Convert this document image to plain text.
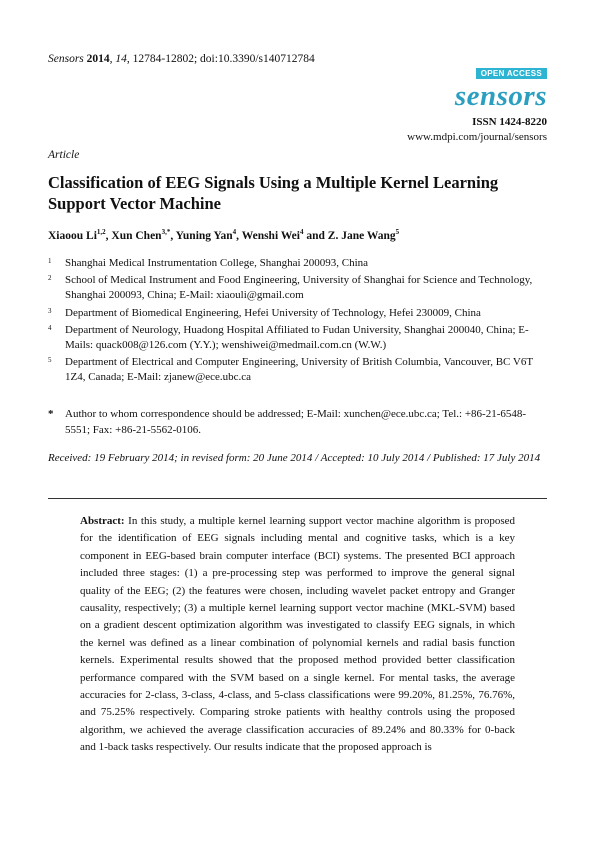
Sensors 2014, 14, 12784-12802; doi:10.3390/s140712784
OPEN ACCESS
sensors
ISSN 1424-8220
www.mdpi.com/journal/sensors
Article
Classification of EEG Signals Using a Multiple Kernel Learning Support Vector Machine
Xiaoou Li$^{1,2}$, Xun Chen$^{3,*}$, Yuning Yan$^4$, Wenshi Wei$^4$ and Z. Jane Wang$^5$
1 Shanghai Medical Instrumentation College, Shanghai 200093, China
2 School of Medical Instrument and Food Engineering, University of Shanghai for Science and Technology, Shanghai 200093, China; E-Mail: xiaouli@gmail.com
3 Department of Biomedical Engineering, Hefei University of Technology, Hefei 230009, China
4 Department of Neurology, Huadong Hospital Affiliated to Fudan University, Shanghai 200040, China; E-Mails: quack008@126.com (Y.Y.); wenshiwei@medmail.com.cn (W.W.)
5 Department of Electrical and Computer Engineering, University of British Columbia, Vancouver, BC V6T 1Z4, Canada; E-Mail: zjanew@ece.ubc.ca
* Author to whom correspondence should be addressed; E-Mail: xunchen@ece.ubc.ca; Tel.: +86-21-6548-5551; Fax: +86-21-5562-0106.
Received: 19 February 2014; in revised form: 20 June 2014 / Accepted: 10 July 2014 / Published: 17 July 2014
Abstract: In this study, a multiple kernel learning support vector machine algorithm is proposed for the identification of EEG signals including mental and cognitive tasks, which is a key component in EEG-based brain computer interface (BCI) systems. The presented BCI approach included three stages: (1) a pre-processing step was performed to improve the general signal quality of the EEG; (2) the features were chosen, including wavelet packet entropy and Granger causality, respectively; (3) a multiple kernel learning support vector machine (MKL-SVM) based on a gradient descent optimization algorithm was investigated to classify EEG signals, in which the kernel was defined as a linear combination of polynomial kernels and radial basis function kernels. Experimental results showed that the proposed method provided better classification performance compared with the SVM based on a single kernel. For mental tasks, the average accuracies for 2-class, 3-class, 4-class, and 5-class classifications were 99.20%, 81.25%, 76.76%, and 75.25% respectively. Comparing stroke patients with healthy controls using the proposed algorithm, we achieved the average classification accuracies of 89.24% and 80.33% for 0-back and 1-back tasks respectively. Our results indicate that the proposed approach is
